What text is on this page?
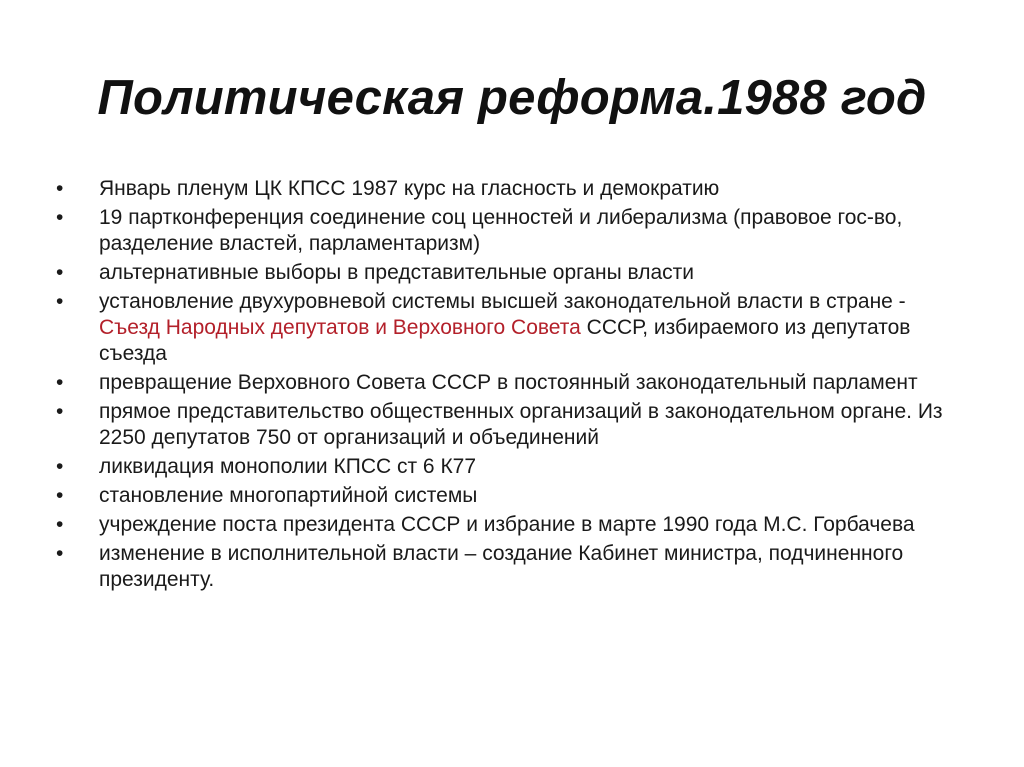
Политическая реформа.1988 год
•	Январь пленум ЦК КПСС 1987 курс на гласность и демократию
•	19 партконференция соединение соц ценностей и либерализма (правовое гос-во, разделение властей, парламентаризм)
•	альтернативные выборы в представительные органы власти
•	установление двухуровневой системы высшей законодательной власти в стране - Съезд Народных депутатов и Верховного Совета СССР, избираемого из депутатов съезда
•	превращение Верховного Совета СССР в постоянный законодательный парламент
•	прямое представительство общественных организаций в законодательном органе. Из 2250 депутатов 750 от организаций и объединений
•	ликвидация монополии КПСС ст 6 К77
•	становление многопартийной системы
•	учреждение поста президента СССР и избрание в марте 1990 года М.С. Горбачева
•	изменение в исполнительной власти – создание Кабинет министра, подчиненного президенту.
